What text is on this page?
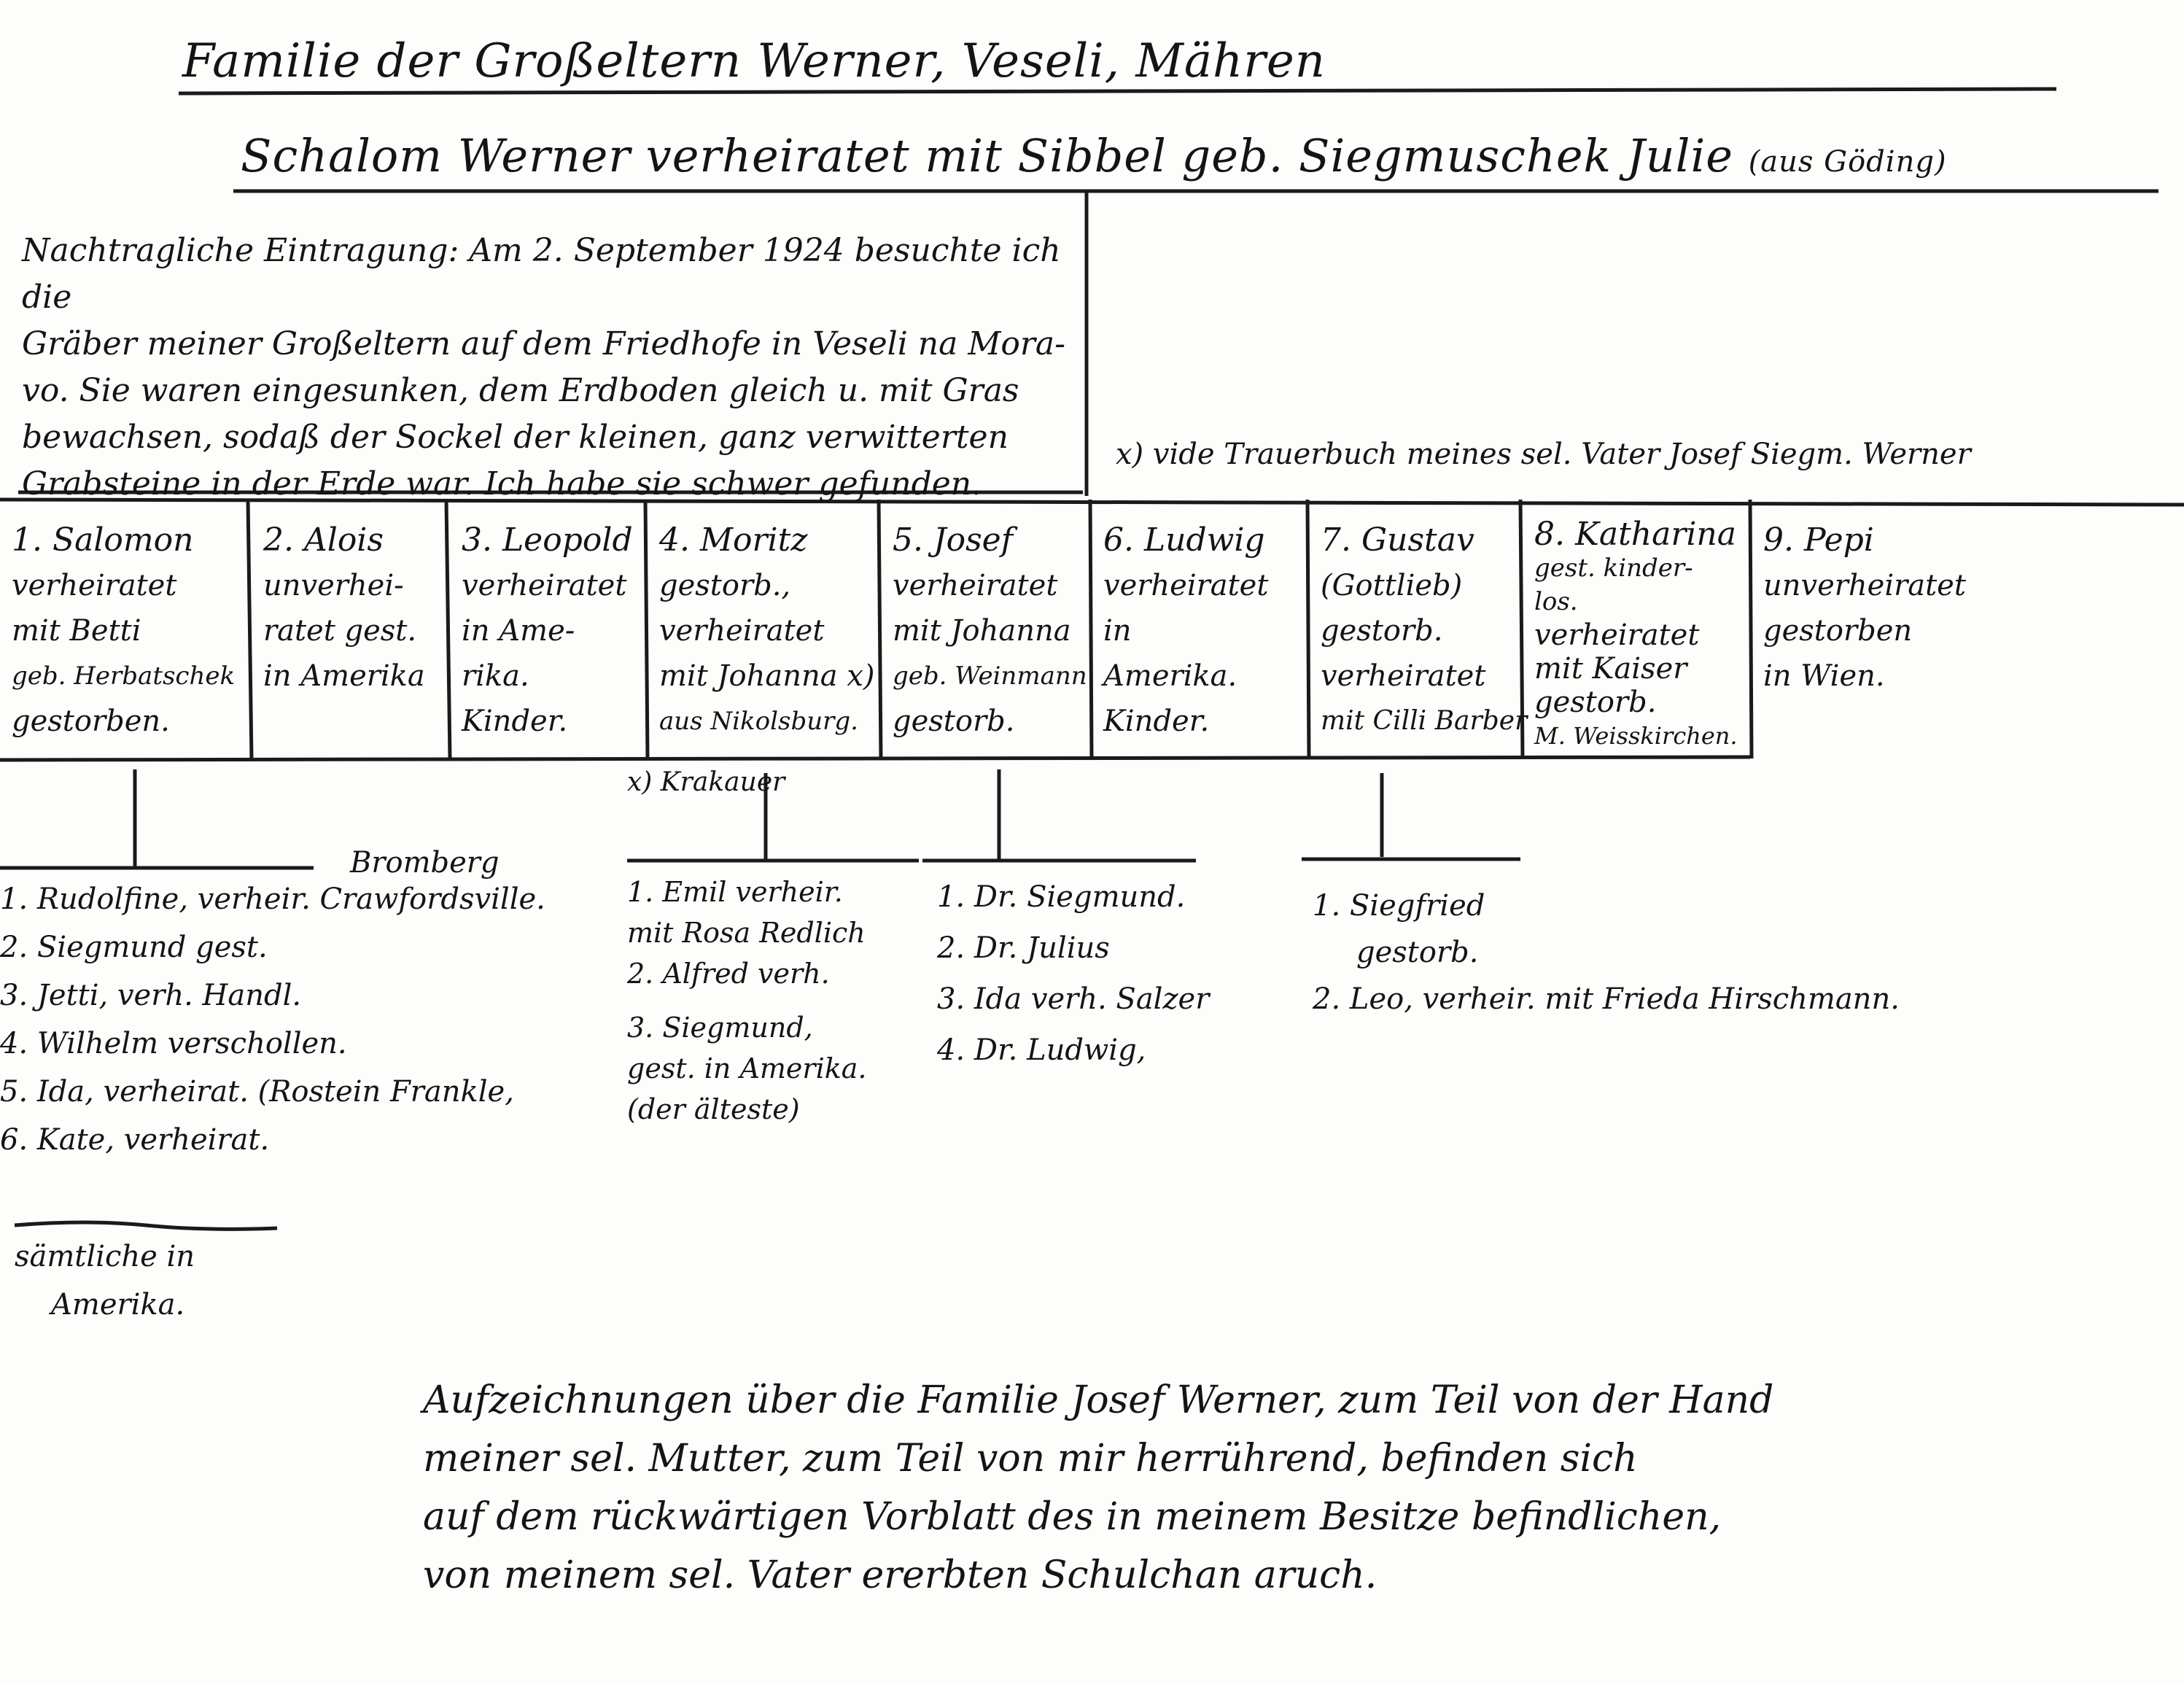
Familie der Großeltern Werner, Veseli, Mähren
Schalom Werner verheiratet mit Sibbel geb. Siegmuschek Julie (aus Göding)
Nachtragliche Eintragung: Am 2. September 1924 besuchte ich die
Gräber meiner Großeltern auf dem Friedhofe in Veseli na Mora-
vo. Sie waren eingesunken, dem Erdboden gleich u. mit Gras
bewachsen, sodaß der Sockel der kleinen, ganz verwitterten
Grabsteine in der Erde war. Ich habe sie schwer gefunden.
x) vide Trauerbuch meines sel. Vater Josef Siegm. Werner
1. Salomon
verheiratet
mit Betti
geb. Herbatschek
gestorben.
2. Alois
unverhei-
ratet gest.
in Amerika
3. Leopold
verheiratet
in Ame-
rika.
Kinder.
4. Moritz
gestorb.,
verheiratet
mit Johanna x)
aus Nikolsburg.
5. Josef
verheiratet
mit Johanna
geb. Weinmann
gestorb.
6. Ludwig
verheiratet
in
Amerika.
Kinder.
7. Gustav
(Gottlieb)
gestorb.
verheiratet
mit Cilli Barber
8. Katharina
gest. kinder-
los.
verheiratet
mit Kaiser
gestorb.
M. Weisskirchen.
9. Pepi
unverheiratet
gestorben
in Wien.
Bromberg
1. Rudolfine, verheir. Crawfordsville.
2. Siegmund gest.
3. Jetti, verh. Handl.
4. Wilhelm verschollen.
5. Ida, verheirat. (Rostein Frankle,
6. Kate, verheirat.
sämtliche in
Amerika.
x) Krakauer
1. Emil verheir.
mit Rosa Redlich
2. Alfred verh.
3. Siegmund,
gest. in Amerika.
(der älteste)
1. Dr. Siegmund.
2. Dr. Julius
3. Ida verh. Salzer
4. Dr. Ludwig,
1. Siegfried
gestorb.
2. Leo, verheir. mit Frieda Hirschmann.
Aufzeichnungen über die Familie Josef Werner, zum Teil von der Hand
meiner sel. Mutter, zum Teil von mir herrührend, befinden sich
auf dem rückwärtigen Vorblatt des in meinem Besitze befindlichen,
von meinem sel. Vater ererbten Schulchan aruch.
